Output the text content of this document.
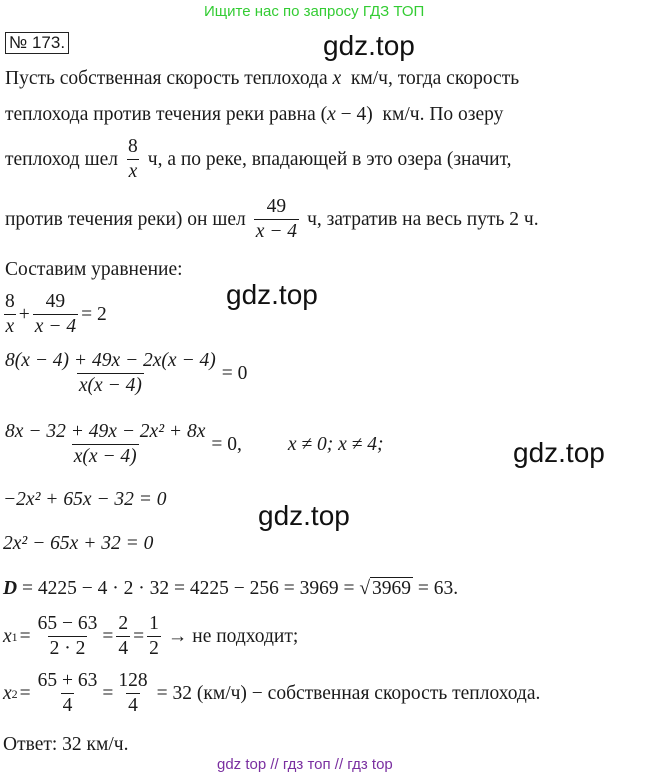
Ищите нас по запросу ГДЗ ТОП
№ 173.	gdz.top
gdz.top
gdz.top
gdz.top
Пусть собственная скорость теплохода x км/ч, тогда скорость
теплохода против течения реки равна (x − 4) км/ч. По озеру
теплоход шел $\frac{8}{x} ч$, а по реке, впадающей в это озера (значит,
против течения реки) он шел $\frac{49}{x - 4} ч$, затратив на весь путь 2 ч.
Составим уравнение:
$\frac{8}{x} + \frac{49}{x - 4} = 2$
$\frac{8(x - 4) + 49x - 2x(x - 4)}{x(x - 4)} = 0$
$\frac{\text{8x − 32 + 49x − 2x² + 8x}}{x(x - 4)} = 0$, x ≠ 0; x ≠ 4;
−2x² + 65x − 32 = 0
2x² − 65x + 32 = 0
D = 4225 − 4 · 2 · 32 = 4225 − 256 = 3969 = √ 3969 = 63.
x $1 = \frac{65 - 63}{2 \cdot 2} = \frac{2}{4} = \frac{1}{2}$ → не подходит;
x $2 = \frac{65 + 63}{4} = \frac{128}{4} = 32$ (км/ч) − собственная скорость теплохода.
Ответ: 32 км/ч.
gdz top // гдз топ // гдз top
